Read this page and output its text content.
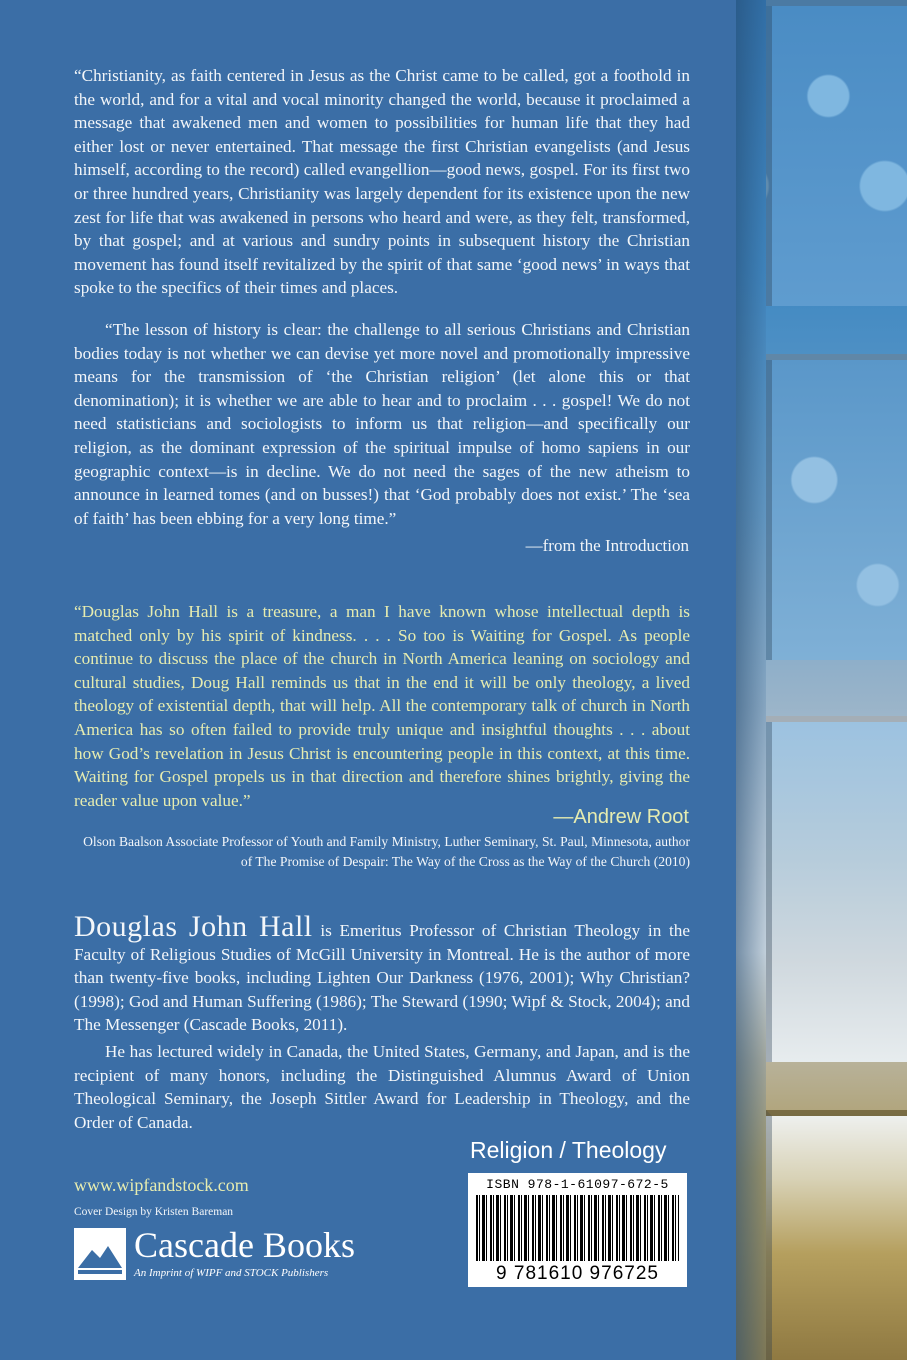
“Christianity, as faith centered in Jesus as the Christ came to be called, got a foothold in the world, and for a vital and vocal minority changed the world, because it proclaimed a message that awakened men and women to possibilities for human life that they had either lost or never entertained. That message the first Christian evangelists (and Jesus himself, according to the record) called evangellion—good news, gospel. For its first two or three hundred years, Christianity was largely dependent for its existence upon the new zest for life that was awakened in persons who heard and were, as they felt, transformed, by that gospel; and at various and sundry points in subsequent history the Christian movement has found itself revitalized by the spirit of that same ‘good news’ in ways that spoke to the specifics of their times and places.

“The lesson of history is clear: the challenge to all serious Christians and Christian bodies today is not whether we can devise yet more novel and promotionally impressive means for the transmission of ‘the Christian religion’ (let alone this or that denomination); it is whether we are able to hear and to proclaim . . . gospel! We do not need statisticians and sociologists to inform us that religion—and specifically our religion, as the dominant expression of the spiritual impulse of homo sapiens in our geographic context—is in decline. We do not need the sages of the new atheism to announce in learned tomes (and on busses!) that ‘God probably does not exist.’ The ‘sea of faith’ has been ebbing for a very long time.”

—from the Introduction

“Douglas John Hall is a treasure, a man I have known whose intellectual depth is matched only by his spirit of kindness. . . . So too is Waiting for Gospel. As people continue to discuss the place of the church in North America leaning on sociology and cultural studies, Doug Hall reminds us that in the end it will be only theology, a lived theology of existential depth, that will help. All the contemporary talk of church in North America has so often failed to provide truly unique and insightful thoughts . . . about how God’s revelation in Jesus Christ is encountering people in this context, at this time. Waiting for Gospel propels us in that direction and therefore shines brightly, giving the reader value upon value.”

—Andrew Root

Olson Baalson Associate Professor of Youth and Family Ministry, Luther Seminary, St. Paul, Minnesota, author of The Promise of Despair: The Way of the Cross as the Way of the Church (2010)

Douglas John Hall is Emeritus Professor of Christian Theology in the Faculty of Religious Studies of McGill University in Montreal. He is the author of more than twenty-five books, including Lighten Our Darkness (1976, 2001); Why Christian? (1998); God and Human Suffering (1986); The Steward (1990; Wipf & Stock, 2004); and The Messenger (Cascade Books, 2011).

He has lectured widely in Canada, the United States, Germany, and Japan, and is the recipient of many honors, including the Distinguished Alumnus Award of Union Theological Seminary, the Joseph Sittler Award for Leadership in Theology, and the Order of Canada.

Religion / Theology
ISBN 978-1-61097-672-5
9 781610 976725
www.wipfandstock.com
Cover Design by Kristen Bareman
Cascade Books
An Imprint of WIPF and STOCK Publishers
